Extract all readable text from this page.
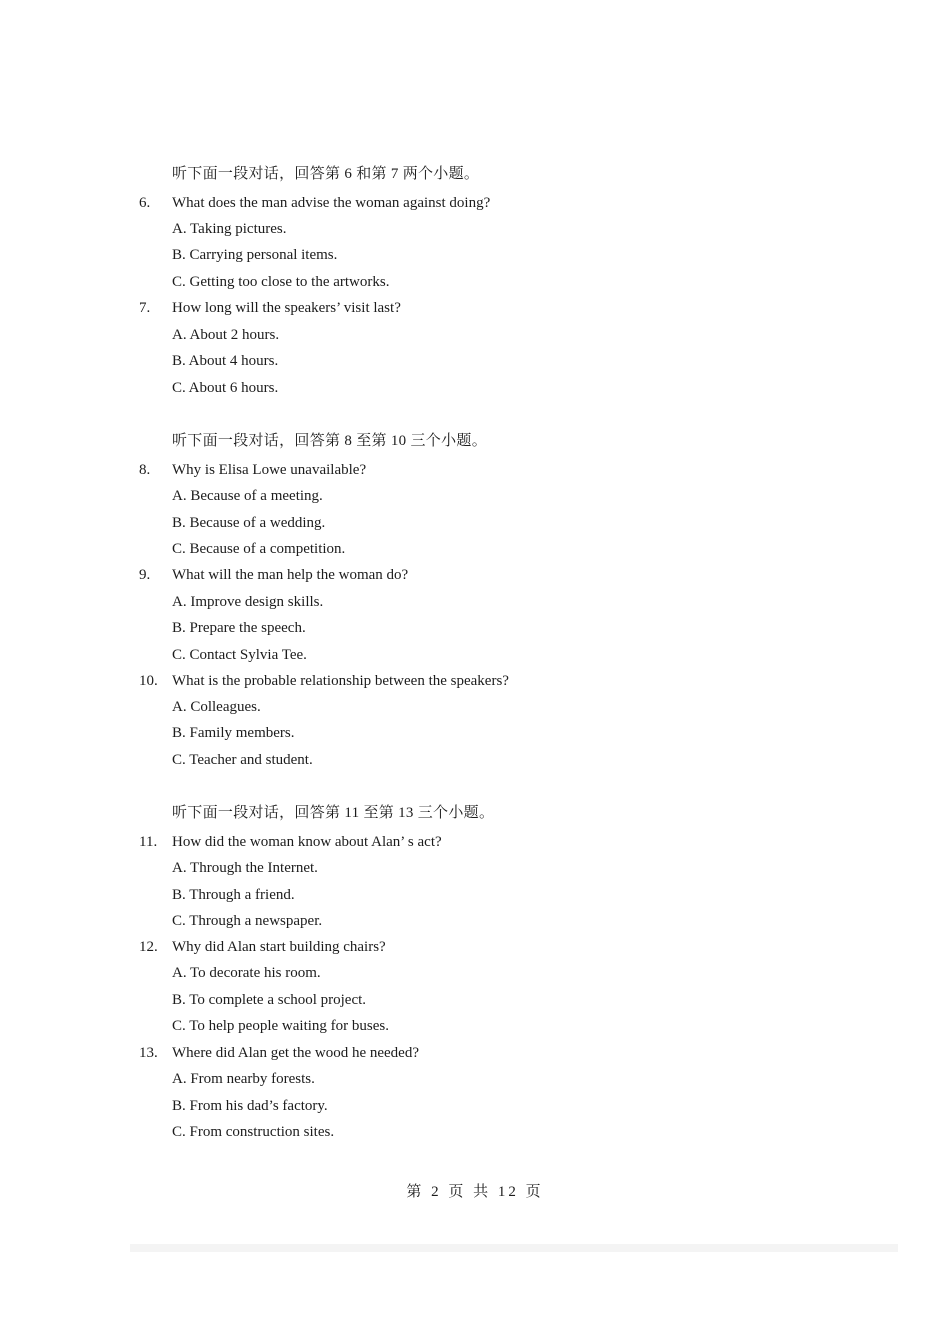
听下面一段对话，回答第 6 和第 7 两个小题。
6. What does the man advise the woman against doing?
A. Taking pictures.
B. Carrying personal items.
C. Getting too close to the artworks.
7. How long will the speakers’ visit last?
A. About 2 hours.
B. About 4 hours.
C. About 6 hours.
听下面一段对话，回答第 8 至第 10 三个小题。
8. Why is Elisa Lowe unavailable?
A. Because of a meeting.
B. Because of a wedding.
C. Because of a competition.
9. What will the man help the woman do?
A. Improve design skills.
B. Prepare the speech.
C. Contact Sylvia Tee.
10. What is the probable relationship between the speakers?
A. Colleagues.
B. Family members.
C. Teacher and student.
听下面一段对话，回答第 11 至第 13 三个小题。
11. How did the woman know about Alan’ s act?
A. Through the Internet.
B. Through a friend.
C. Through a newspaper.
12. Why did Alan start building chairs?
A. To decorate his room.
B. To complete a school project.
C. To help people waiting for buses.
13. Where did Alan get the wood he needed?
A. From nearby forests.
B. From his dad’s factory.
C. From construction sites.
第 2 页 共 12 页
